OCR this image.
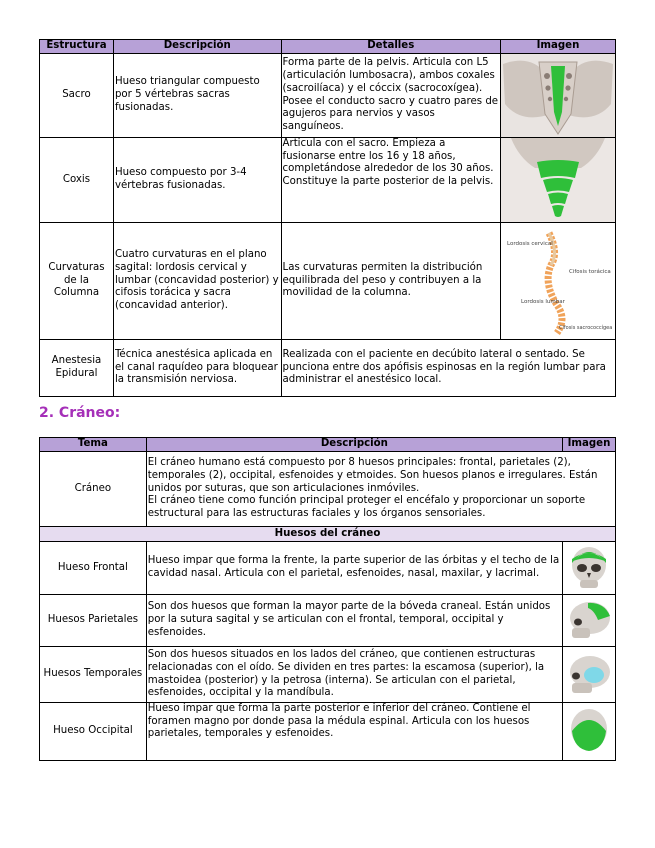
Estructura	Descripción	Detalles	Imagen
Sacro	Hueso triangular compuesto por 5 vértebras sacras fusionadas.	Forma parte de la pelvis. Articula con L5 (articulación lumbosacra), ambos coxales (sacroilíaca) y el cóccix (sacrocoxígea). Posee el conducto sacro y cuatro pares de agujeros para nervios y vasos sanguíneos.	

Coxis	Hueso compuesto por 3-4 vértebras fusionadas.	Articula con el sacro. Empieza a fusionarse entre los 16 y 18 años, completándose alrededor de los 30 años. Constituye la parte posterior de la pelvis.	

Curvaturas de la Columna	Cuatro curvaturas en el plano sagital: lordosis cervical y lumbar (concavidad posterior) y cifosis torácica y sacra (concavidad anterior).	Las curvaturas permiten la distribución equilibrada del peso y contribuyen a la movilidad de la columna.	Lordosis cervical
Cifosis torácica
Lordosis lumbar
Cifosis sacrococcígea

Anestesia Epidural	Técnica anestésica aplicada en el canal raquídeo para bloquear la transmisión nerviosa.	Realizada con el paciente en decúbito lateral o sentado. Se punciona entre dos apófisis espinosas en la región lumbar para administrar el anestésico local.	
2. Cráneo:
Tema	Descripción	Imagen
Cráneo	El cráneo humano está compuesto por 8 huesos principales: frontal, parietales (2), temporales (2), occipital, esfenoides y etmoides. Son huesos planos e irregulares. Están unidos por suturas, que son articulaciones inmóviles.
El cráneo tiene como función principal proteger el encéfalo y proporcionar un soporte estructural para las estructuras faciales y los órganos sensoriales.	

Huesos del cráneo		
Hueso Frontal	Hueso impar que forma la frente, la parte superior de las órbitas y el techo de la cavidad nasal. Articula con el parietal, esfenoides, nasal, maxilar, y lacrimal.	

Huesos Parietales	Son dos huesos que forman la mayor parte de la bóveda craneal. Están unidos por la sutura sagital y se articulan con el frontal, temporal, occipital y esfenoides.	

Huesos Temporales	Son dos huesos situados en los lados del cráneo, que contienen estructuras relacionadas con el oído. Se dividen en tres partes: la escamosa (superior), la mastoidea (posterior) y la petrosa (interna). Se articulan con el parietal, esfenoides, occipital y la mandíbula.	

Hueso Occipital	Hueso impar que forma la parte posterior e inferior del cráneo. Contiene el foramen magno por donde pasa la médula espinal. Articula con los huesos parietales, temporales y esfenoides.	
